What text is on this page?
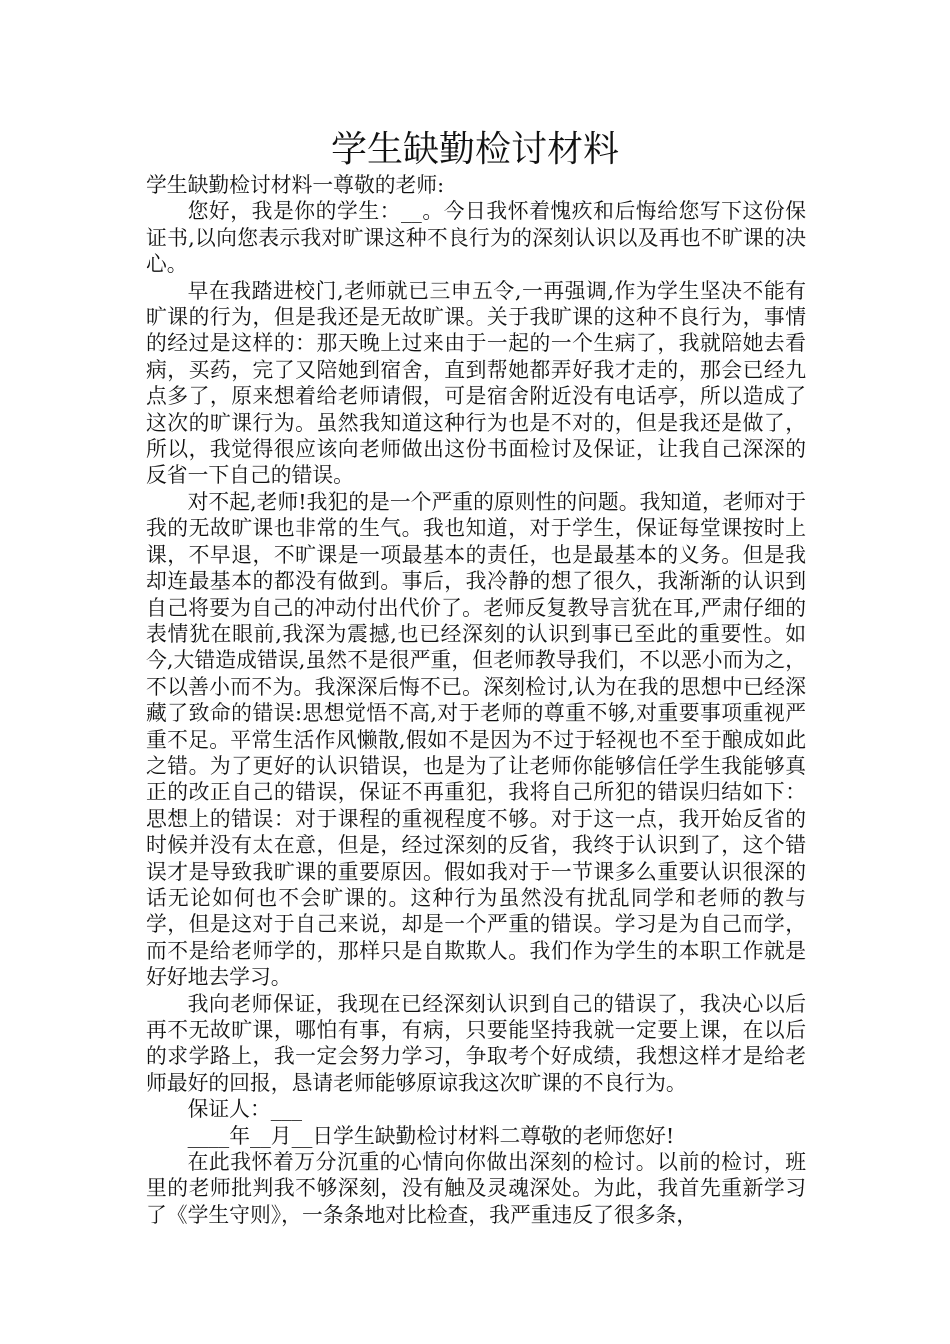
学生缺勤检讨材料

学生缺勤检讨材料一尊敬的老师:

您好，我是你的学生：__。今日我怀着愧疚和后悔给您写下这份保证书,以向您表示我对旷课这种不良行为的深刻认识以及再也不旷课的决心。

早在我踏进校门,老师就已三申五令,一再强调,作为学生坚决不能有旷课的行为，但是我还是无故旷课。关于我旷课的这种不良行为，事情的经过是这样的：那天晚上过来由于一起的一个生病了，我就陪她去看病，买药，完了又陪她到宿舍，直到帮她都弄好我才走的，那会已经九点多了，原来想着给老师请假，可是宿舍附近没有电话亭，所以造成了这次的旷课行为。虽然我知道这种行为也是不对的，但是我还是做了，所以，我觉得很应该向老师做出这份书面检讨及保证，让我自己深深的反省一下自己的错误。

对不起,老师!我犯的是一个严重的原则性的问题。我知道，老师对于我的无故旷课也非常的生气。我也知道，对于学生，保证每堂课按时上课，不早退，不旷课是一项最基本的责任，也是最基本的义务。但是我却连最基本的都没有做到。事后，我冷静的想了很久，我渐渐的认识到自己将要为自己的冲动付出代价了。老师反复教导言犹在耳,严肃仔细的表情犹在眼前,我深为震撼,也已经深刻的认识到事已至此的重要性。如今,大错造成错误,虽然不是很严重，但老师教导我们，不以恶小而为之，不以善小而不为。我深深后悔不已。深刻检讨,认为在我的思想中已经深藏了致命的错误:思想觉悟不高,对于老师的尊重不够,对重要事项重视严重不足。平常生活作风懒散,假如不是因为不过于轻视也不至于酿成如此之错。为了更好的认识错误，也是为了让老师你能够信任学生我能够真正的改正自己的错误，保证不再重犯，我将自己所犯的错误归结如下： 思想上的错误：对于课程的重视程度不够。对于这一点，我开始反省的时候并没有太在意，但是，经过深刻的反省，我终于认识到了，这个错误才是导致我旷课的重要原因。假如我对于一节课多么重要认识很深的话无论如何也不会旷课的。这种行为虽然没有扰乱同学和老师的教与学，但是这对于自己来说，却是一个严重的错误。学习是为自己而学，而不是给老师学的，那样只是自欺欺人。我们作为学生的本职工作就是好好地去学习。

我向老师保证，我现在已经深刻认识到自己的错误了，我决心以后再不无故旷课，哪怕有事，有病，只要能坚持我就一定要上课，在以后的求学路上，我一定会努力学习，争取考个好成绩，我想这样才是给老师最好的回报，恳请老师能够原谅我这次旷课的不良行为。

保证人：___

____年__月__日学生缺勤检讨材料二尊敬的老师您好!

在此我怀着万分沉重的心情向你做出深刻的检讨。以前的检讨，班里的老师批判我不够深刻，没有触及灵魂深处。为此，我首先重新学习了《学生守则》，一条条地对比检查，我严重违反了很多条，
